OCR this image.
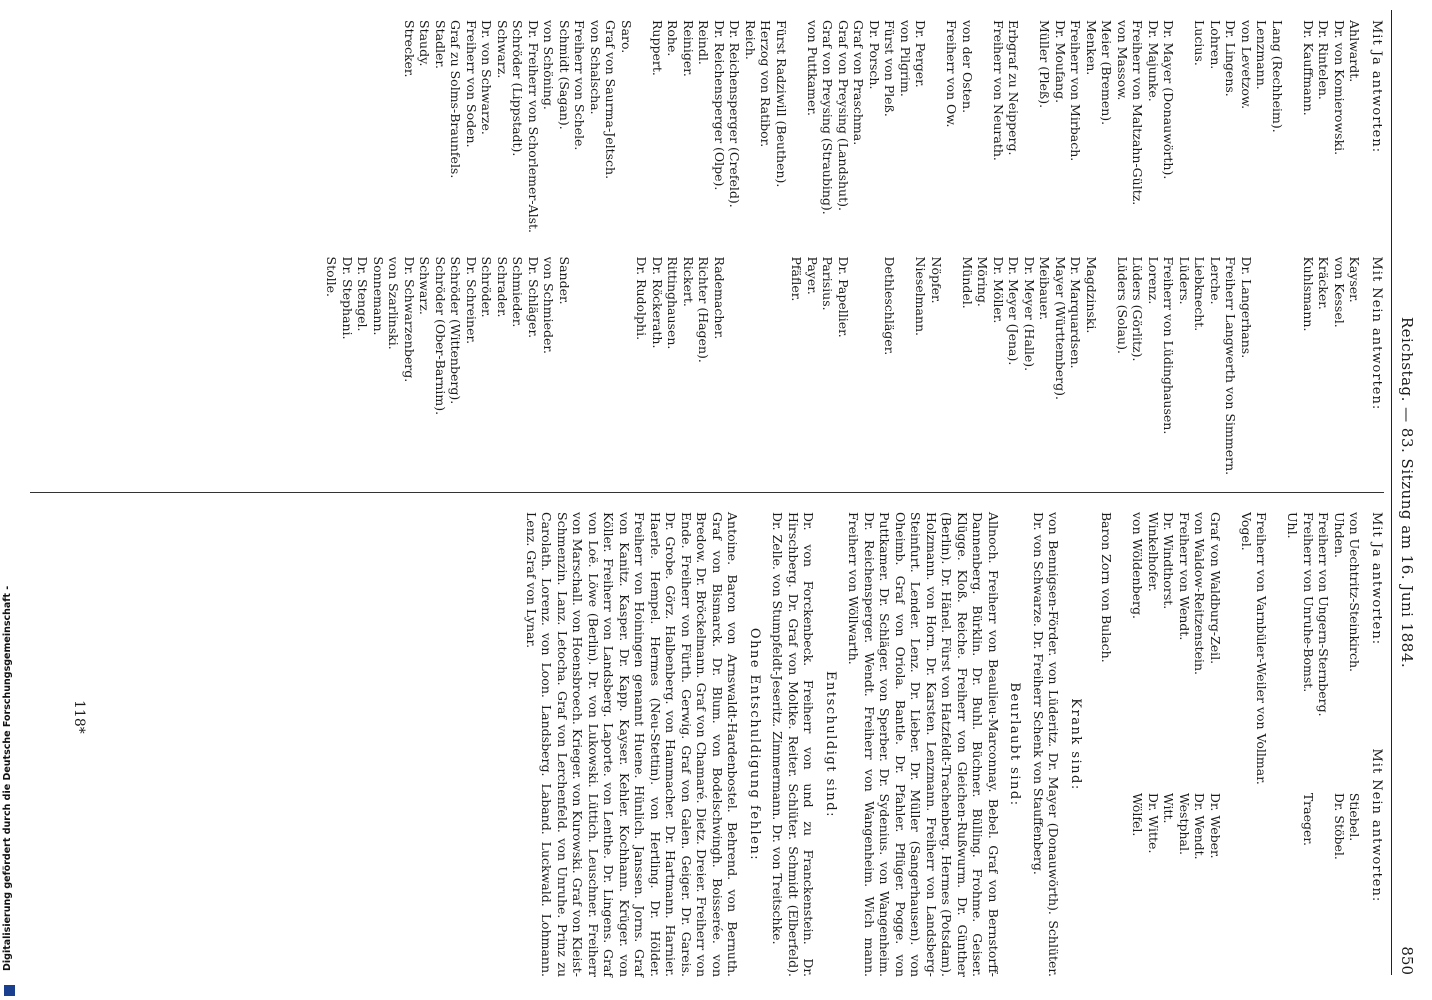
Reichstag. — 83. Sitzung am 16. Juni 1884.
850
Mit Ja antworten:
Mit Nein antworten:
Ahlwardt.
Dr. von Komierowski.
Dr. Rintelen.
Dr. Kauffmann.

Lang (Rechheim).
Lenzmann.
von Levetzow.
Dr. Lingens.
Lohren.
Lucius.

Dr. Mayer (Donauwörth).
Dr. Majunke.
Freiherr von Maltzahn-Gültz.
von Massow.
Meier (Bremen).
Menken.
Freiherr von Mirbach.
Dr. Moufang.
Müller (Pleß).

Erbgraf zu Neipperg.
Freiherr von Neurath.

von der Osten.
Freiherr von Ow.

Dr. Perger.
von Pilgrim.
Fürst von Pleß.
Dr. Porsch.
Graf von Praschma.
Graf von Preysing (Landshut).
Graf von Preysing (Straubing).
von Puttkamer.

Fürst Radziwill (Beuthen).
Herzog von Ratibor.
Reich.
Dr. Reichensperger (Crefeld).
Dr. Reichensperger (Olpe).
Reindl.
Reiniger.
Rohe.
Ruppert.

Saro.
Graf von Saurma-Jeltsch.
von Schalscha.
Freiherr von Schele.
Schmidt (Sagan).
von Schöning.
Dr. Freiherr von Schorlemer-Alst.
Schröder (Lippstadt).
Schwarz.
Dr. von Schwarze.
Freiherr von Soden.
Graf zu Solms-Braunfels.
Stadler.
Staudy.
Strecker.
Kayser.
von Kessel.
Kräcker.
Kuhlsmann.

Dr. Langerhans.
Freiherr Langwerth von Simmern.
Lerche.
Liebknecht.
Lüders.
Freiherr von Lüdinghausen.
Lorenz.
Lüders (Görlitz).
Lüders (Solau).

Magdzinski.
Dr. Marquardsen.
Mayer (Württemberg).
Meibauer.
Dr. Meyer (Halle).
Dr. Meyer (Jena).
Dr. Möller.
Möring.
Mündel.

Nöpfer.
Nieselmann.

Dethleschläger.

Dr. Papellier.
Parisius.
Payer.
Pfäfler.

Rademacher.
Richter (Hagen).
Rickert.
Rittinghausen.
Dr. Röckerath.
Dr. Rudolphi.

Sander.
von Schmieder.
Dr. Schläger.
Schmieder.
Schrader.
Schröder.
Dr. Schreiner.
Schröder (Wittenberg).
Schröder (Ober-Barnim).
Schwarz.
Dr. Schwarzenberg.
von Szarlinski.
Sonnemann.
Dr. Stengel.
Dr. Stephani.
Stolle.
Mit Ja antworten:
Mit Nein antworten:
von Uechtritz-Steinkirch.
Uhden.
Freiherr von Ungern-Sternberg.
Freiherr von Unruhe-Bomst.
Uhl.

Freiherr von Varnbüler-Weiler von Vollmar.
Vogel.

Graf von Waldburg-Zeil.
von Waldow-Reitzenstein.
Freiherr von Wendt.
Dr. Windthorst.
Winkelhofer.
von Wöldenberg.

Baron Zorn von Bulach.
Stiebel.
Dr. Stöbel.

Traeger.

Dr. Weber.
Dr. Wendt.
Westphal.
Witt.
Dr. Witte.
Wölfel.
Krank sind:

von Bennigsen-Förder. von Lüderitz. Dr. Mayer (Donauwörth). Schlüter. Dr. von Schwarze. Dr. Freiherr Schenk von Stauffenberg.

Beurlaubt sind:

Allnoch. Freiherr von Beaulieu-Marconnay. Bebel. Graf von Bernstorff-Dannenberg. Bürklin. Dr. Buhl. Büchner. Bülling. Frohme. Geiser. Klügge. Kloß. Reiche. Freiherr von Gleichen-Rußwurm. Dr. Günther (Berlin). Dr. Hänel. Fürst von Hatzfeldt-Trachenberg. Hermes (Potsdam). Holzmann. von Horn. Dr. Karsten. Lenzmann. Freiherr von Landsberg-Steinfurt. Lender. Lenz. Dr. Lieber. Dr. Müller (Sangerhausen). von Oheimb. Graf von Oriola. Bantle. Dr. Pfahler. Pflüger. Pogge. von Puttkamer. Dr. Schläger. von Sperber. Dr. Sydenius. von Wangenheim. Dr. Reichensperger. Wendt. Freiherr von Wangenheim. Wich mann. Freiherr von Wöllwarth.

Entschuldigt sind:

Dr. von Forckenbeck. Freiherr von und zu Franckenstein. Dr. Hirschberg. Dr. Graf von Moltke. Reiter. Schlüter. Schmidt (Elberfeld). Dr. Zelle. von Stumpfeldt-Jeseritz. Zimmermann. Dr. von Treitschke.

Ohne Entschuldigung fehlen:

Antoine. Baron von Arnswaldt-Hardenbostel. Behrend. von Bernuth. Graf von Bismarck. Dr. Blum. von Bodelschwingh. Boisserée. von Bredow. Dr. Bröckelmann. Graf von Chamaré. Dietz. Dreier. Freiherr von Ende. Freiherr von Fürth. Gerwig. Graf von Galen. Geiger. Dr. Gareis. Dr. Grobe. Görz. Halbenberg. von Hammacher. Dr. Hartmann. Harnier. Haerle. Hempel. Hermes (Neu-Stettin). von Hertling. Dr. Hölder. Freiherr von Hoiningen genannt Huene. Hünlich. Janssen. Jorns. Graf von Kanitz. Kasper. Dr. Kapp. Kayser. Kehler. Kochhann. Krüger. von Köller. Freiherr von Landsberg. Laporte. von Lenthe. Dr. Lingens. Graf von Loë. Löwe (Berlin). Dr. von Lukowski. Lüttich. Leuschner. Freiherr von Marschall. von Hoensbroech. Krieger. von Kurowski. Graf von Kleist-Schmenzin. Lanz. Letocha. Graf von Lerchenfeld. von Unruhe. Prinz zu Carolath. Lorenz. von Loon. Landsberg. Laband. Luckwald. Lohmann. Lenz. Graf von Lynar.

118*
Digitalisierung gefördert durch die Deutsche Forschungsgemeinschaft -
